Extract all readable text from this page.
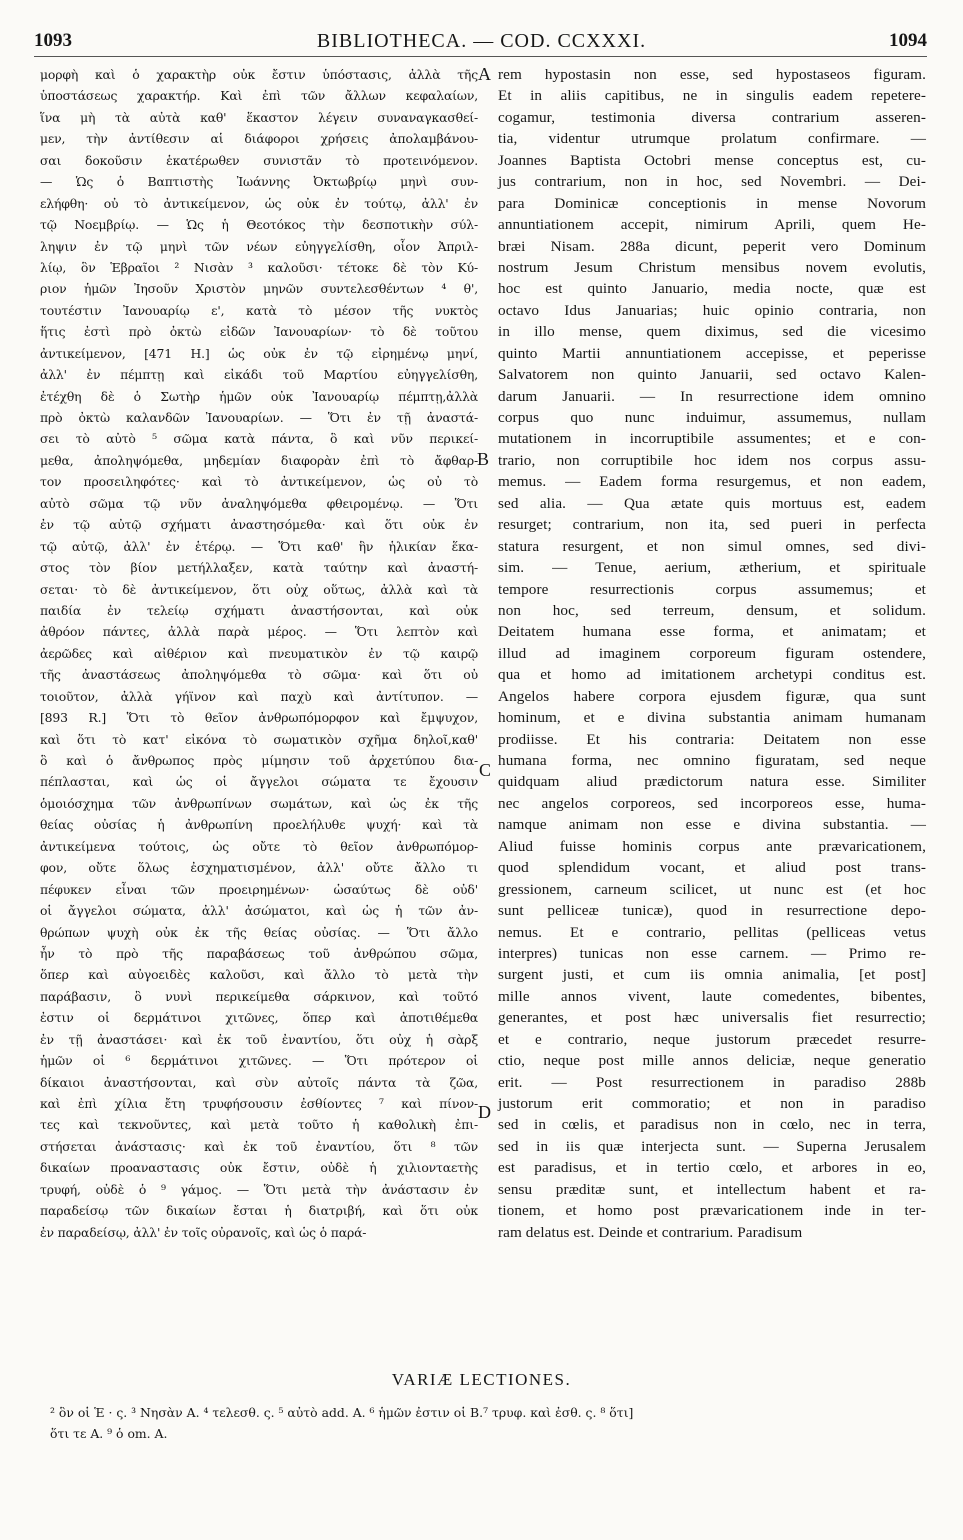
1093	BIBLIOTHECA. — COD. CCXXXI.	1094
μορφὴ καὶ ὁ χαρακτὴρ οὐκ ἔστιν ὑπόστασις, ἀλλὰ τῆς
ὑποστάσεως χαρακτήρ. Καὶ ἐπὶ τῶν ἄλλων κεφαλαίων,
ἵνα μὴ τὰ αὐτὰ καθ' ἕκαστον λέγειν συναναγκασθεί‐
μεν, τὴν ἀντίθεσιν αἱ διάφοροι χρήσεις ἀπολαμβάνου‐
σαι δοκοῦσιν ἑκατέρωθεν συνιστᾶν τὸ προτεινόμενον.
— Ὡς ὁ Βαπτιστὴς Ἰωάννης Ὀκτωβρίῳ μηνὶ συν‐
ελήφθη· οὐ τὸ ἀντικείμενον, ὡς οὐκ ἐν τούτῳ, ἀλλ' ἐν
τῷ Νοεμβρίῳ. — Ὡς ἡ Θεοτόκος τὴν δεσποτικὴν σύλ‐
ληψιν ἐν τῷ μηνὶ τῶν νέων εὐηγγελίσθη, οἷον Ἀπριλ‐
λίῳ, ὃν Ἑβραῖοι ² Νισὰν ³ καλοῦσι· τέτοκε δὲ τὸν Κύ‐
ριον ἡμῶν Ἰησοῦν Χριστὸν μηνῶν συντελεσθέντων ⁴ θ',
τουτέστιν Ἰανουαρίῳ ε', κατὰ τὸ μέσον τῆς νυκτὸς
ἥτις ἐστὶ πρὸ ὀκτὼ εἰδῶν Ἰανουαρίων· τὸ δὲ τοῦτου
ἀντικείμενον, [471 H.] ὡς οὐκ ἐν τῷ εἰρημένῳ μηνί,
ἀλλ' ἐν πέμπτῃ καὶ εἰκάδι τοῦ Μαρτίου εὐηγγελίσθη,
ἐτέχθη δὲ ὁ Σωτὴρ ἡμῶν οὐκ Ἰανουαρίῳ πέμπτῃ,ἀλλὰ
πρὸ ὀκτὼ καλανδῶν Ἰανουαρίων. — Ὅτι ἐν τῇ ἀναστά‐
σει τὸ αὐτὸ ⁵ σῶμα κατὰ πάντα, ὃ καὶ νῦν περικεί‐
μεθα, ἀποληψόμεθα, μηδεμίαν διαφορὰν ἐπὶ τὸ ἄφθαρ‐
τον προσειληφότες· καὶ τὸ ἀντικείμενον, ὡς οὐ τὸ
αὐτὸ σῶμα τῷ νῦν ἀναληψόμεθα φθειρομένῳ. — Ὅτι
ἐν τῷ αὐτῷ σχήματι ἀναστησόμεθα· καὶ ὅτι οὐκ ἐν
τῷ αὐτῷ, ἀλλ' ἐν ἑτέρῳ. — Ὅτι καθ' ἣν ἡλικίαν ἕκα‐
στος τὸν βίον μετήλλαξεν, κατὰ ταύτην καὶ ἀναστή‐
σεται· τὸ δὲ ἀντικείμενον, ὅτι οὐχ οὕτως, ἀλλὰ καὶ τὰ
παιδία ἐν τελείῳ σχήματι ἀναστήσονται, καὶ οὐκ
ἀθρόον πάντες, ἀλλὰ παρὰ μέρος. — Ὅτι λεπτὸν καὶ
ἀερῶδες καὶ αἰθέριον καὶ πνευματικὸν ἐν τῷ καιρῷ
τῆς ἀναστάσεως ἀποληψόμεθα τὸ σῶμα· καὶ ὅτι οὐ
τοιοῦτον, ἀλλὰ γήϊνον καὶ παχὺ καὶ ἀντίτυπον. —
[893 R.] Ὅτι τὸ θεῖον ἀνθρωπόμορφον καὶ ἔμψυχον,
καὶ ὅτι τὸ κατ' εἰκόνα τὸ σωματικὸν σχῆμα δηλοῖ,καθ'
ὃ καὶ ὁ ἄνθρωπος πρὸς μίμησιν τοῦ ἀρχετύπου δια‐
πέπλασται, καὶ ὡς οἱ ἄγγελοι σώματα τε ἔχουσιν
ὁμοιόσχημα τῶν ἀνθρωπίνων σωμάτων, καὶ ὡς ἐκ τῆς
θείας οὐσίας ἡ ἀνθρωπίνη προελήλυθε ψυχή· καὶ τὰ
ἀντικείμενα τούτοις, ὡς οὔτε τὸ θεῖον ἀνθρωπόμορ‐
φον, οὔτε ὅλως ἐσχηματισμένον, ἀλλ' οὔτε ἄλλο τι
πέφυκεν εἶναι τῶν προειρημένων· ὡσαύτως δὲ οὐδ'
οἱ ἄγγελοι σώματα, ἀλλ' ἀσώματοι, καὶ ὡς ἡ τῶν ἀν‐
θρώπων ψυχὴ οὐκ ἐκ τῆς θείας οὐσίας. — Ὅτι ἄλλο
ἦν τὸ πρὸ τῆς παραβάσεως τοῦ ἀνθρώπου σῶμα,
ὅπερ καὶ αὐγοειδὲς καλοῦσι, καὶ ἄλλο τὸ μετὰ τὴν
παράβασιν, ὃ νυνὶ περικείμεθα σάρκινον, καὶ τοῦτό
ἐστιν οἱ δερμάτινοι χιτῶνες, ὅπερ καὶ ἀποτιθέμεθα
ἐν τῇ ἀναστάσει· καὶ ἐκ τοῦ ἐναντίου, ὅτι οὐχ ἡ σὰρξ
ἡμῶν οἱ ⁶ δερμάτινοι χιτῶνες. — Ὅτι πρότερον οἱ
δίκαιοι ἀναστήσονται, καὶ σὺν αὐτοῖς πάντα τὰ ζῶα,
καὶ ἐπὶ χίλια ἔτη τρυφήσουσιν ἐσθίοντες ⁷ καὶ πίνον‐
τες καὶ τεκνοῦντες, καὶ μετὰ τοῦτο ἡ καθολικὴ ἐπι‐
στήσεται ἀνάστασις· καὶ ἐκ τοῦ ἐναντίου, ὅτι ⁸ τῶν
δικαίων προαναστασις οὐκ ἔστιν, οὐδὲ ἡ χιλιονταετὴς
τρυφή, οὐδὲ ὁ ⁹ γάμος. — Ὅτι μετὰ τὴν ἀνάστασιν ἐν
παραδείσῳ τῶν δικαίων ἔσται ἡ διατριβή, καὶ ὅτι οὐκ
ἐν παραδείσῳ, ἀλλ' ἐν τοῖς οὐρανοῖς, καὶ ὡς ὁ παρά‐
rem hypostasin non esse, sed hypostaseos figuram.
Et in aliis capitibus, ne in singulis eadem repetere‐
cogamur, testimonia diversa contrarium asseren‐
tia, videntur utrumque prolatum confirmare. —
Joannes Baptista Octobri mense conceptus est, cu‐
jus contrarium, non in hoc, sed Novembri. — Dei‐
para Dominicæ conceptionis in mense Novorum
annuntiationem accepit, nimirum Aprili, quem He‐
bræi Nisam. 288a dicunt, peperit vero Dominum
nostrum Jesum Christum mensibus novem evolutis,
hoc est quinto Januario, media nocte, quæ est
octavo Idus Januarias; huic opinio contraria, non
in illo mense, quem diximus, sed die vicesimo
quinto Martii annuntiationem accepisse, et peperisse
Salvatorem non quinto Januarii, sed octavo Kalen‐
darum Januarii. — In resurrectione idem omnino
corpus quo nunc induimur, assumemus, nullam
mutationem in incorruptibile assumentes; et e con‐
trario, non corruptibile hoc idem nos corpus assu‐
memus. — Eadem forma resurgemus, et non eadem,
sed alia. — Qua ætate quis mortuus est, eadem
resurget; contrarium, non ita, sed pueri in perfecta
statura resurgent, et non simul omnes, sed divi‐
sim. — Tenue, aerium, ætherium, et spirituale
tempore resurrectionis corpus assumemus; et
non hoc, sed terreum, densum, et solidum.
Deitatem humana esse forma, et animatam; et
illud ad imaginem corporeum figuram ostendere,
qua et homo ad imitationem archetypi conditus est.
Angelos habere corpora ejusdem figuræ, qua sunt
hominum, et e divina substantia animam humanam
prodiisse. Et his contraria: Deitatem non esse
humana forma, nec omnino figuratam, sed neque
quidquam aliud prædictorum natura esse. Similiter
nec angelos corporeos, sed incorporeos esse, huma‐
namque animam non esse e divina substantia. —
Aliud fuisse hominis corpus ante prævaricationem,
quod splendidum vocant, et aliud post trans‐
gressionem, carneum scilicet, ut nunc est (et hoc
sunt pelliceæ tunicæ), quod in resurrectione depo‐
nemus. Et e contrario, pellitas (pelliceas vetus
interpres) tunicas non esse carnem. — Primo re‐
surgent justi, et cum iis omnia animalia, [et post]
mille annos vivent, laute comedentes, bibentes,
generantes, et post hæc universalis fiet resurrectio;
et e contrario, neque justorum præcedet resurre‐
ctio, neque post mille annos deliciæ, neque generatio
erit. — Post resurrectionem in paradiso 288b
justorum erit commoratio; et non in paradiso
sed in cœlis, et paradisus non in cœlo, nec in terra,
sed in iis quæ interjecta sunt. — Superna Jerusalem
est paradisus, et in tertio cœlo, et arbores in eo,
sensu præditæ sunt, et intellectum habent et ra‐
tionem, et homo post prævaricationem inde in ter‐
ram delatus est. Deinde et contrarium. Paradisum
A
B
C
D
VARIÆ LECTIONES.
² ὃν οἱ Ἑ · ς. ³ Νησὰν A. ⁴ τελεσθ. ς. ⁵ αὐτὸ add. A. ⁶ ἡμῶν ἐστιν οἱ B.⁷ τρυφ. καὶ ἐσθ. ς. ⁸ ὅτι]
ὅτι τε A. ⁹ ὁ om. A.
